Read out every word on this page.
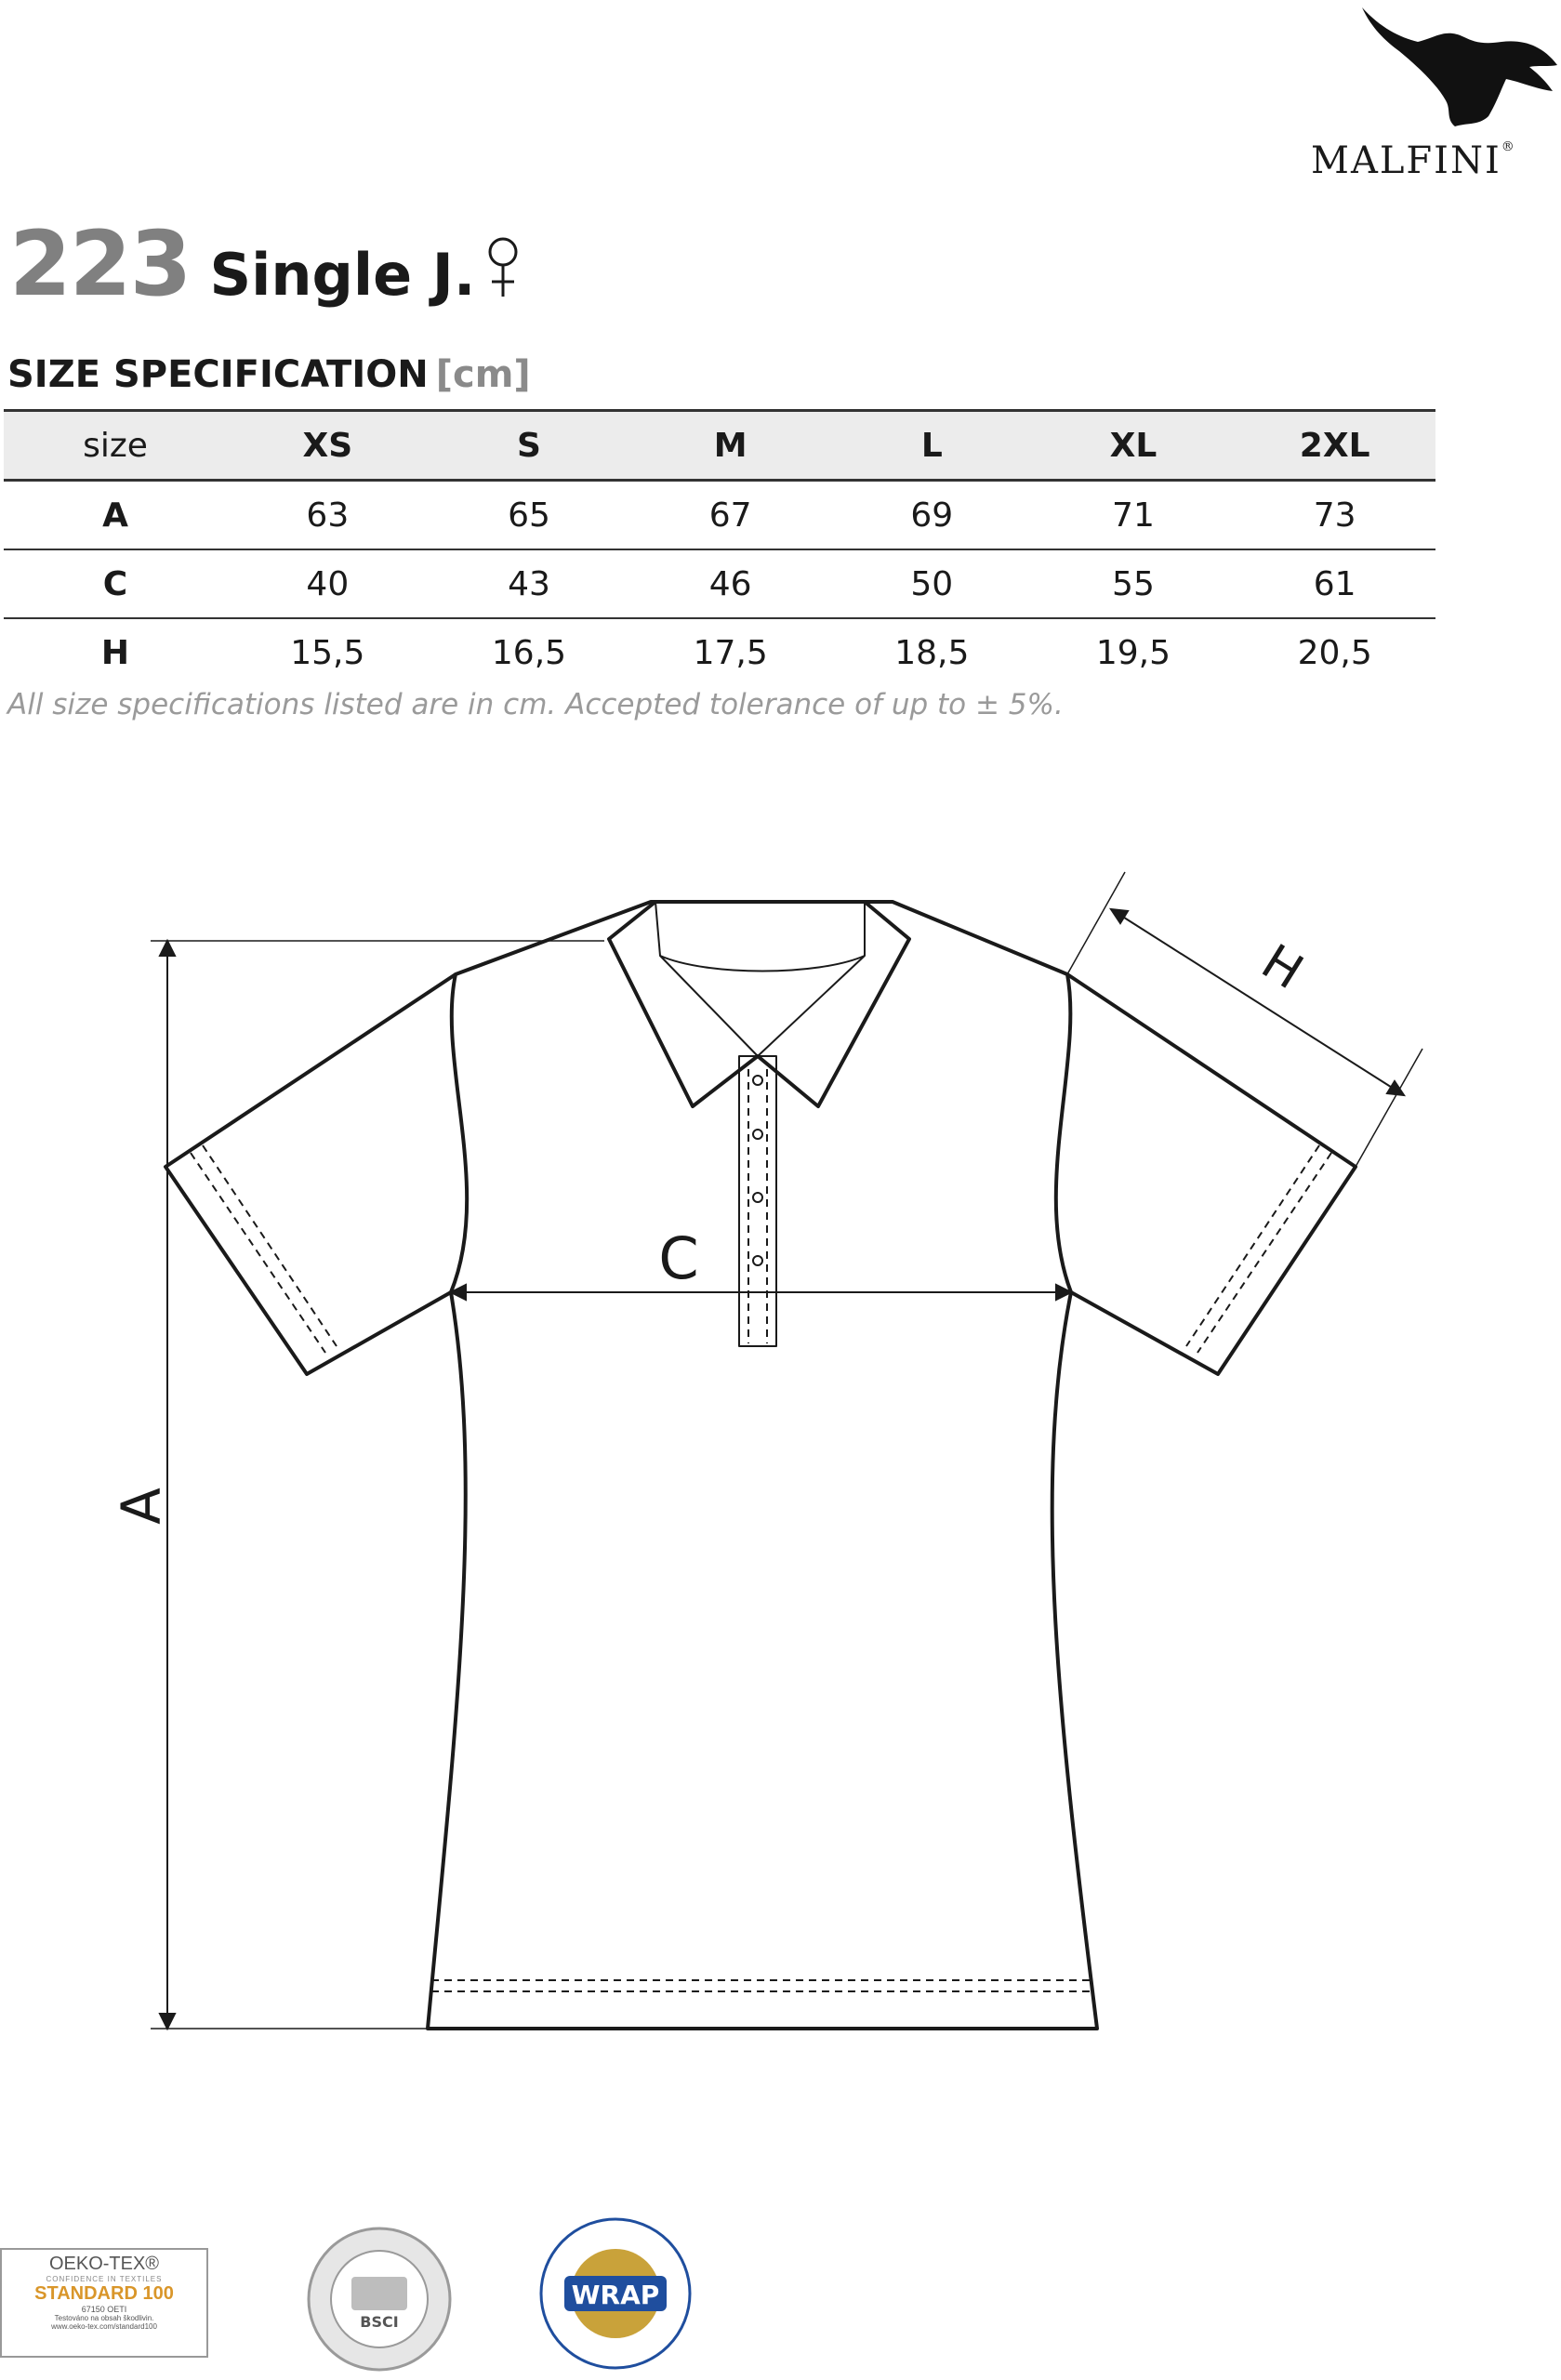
MALFINI®
223 Single J.
SIZE SPECIFICATION [cm]
size	XS	S	M	L	XL	2XL
A	63	65	67	69	71	73
C	40	43	46	50	55	61
H	15,5	16,5	17,5	18,5	19,5	20,5
All size specifications listed are in cm. Accepted tolerance of up to ± 5%.
A
C
H
OEKO-TEX®
CONFIDENCE IN TEXTILES
STANDARD 100
67150 OETI
Testováno na obsah škodlivin.
www.oeko-tex.com/standard100	BSCI
WRAP
